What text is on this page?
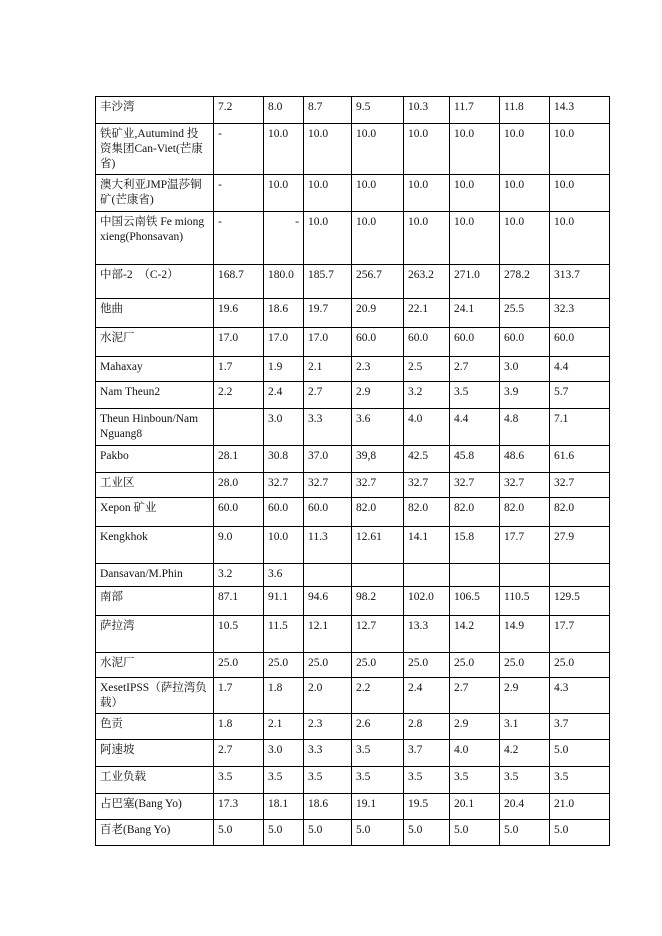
丰沙湾	7.2	8.0	8.7	9.5	10.3	11.7	11.8	14.3
铁矿业,Autumind 投资集团Can-Viet(芒康省)	-	10.0	10.0	10.0	10.0	10.0	10.0	10.0
澳大利亚JMP温莎铜矿(芒康省)	-	10.0	10.0	10.0	10.0	10.0	10.0	10.0
中国云南铁 Fe miongxieng(Phonsavan)	-	-	10.0	10.0	10.0	10.0	10.0	10.0
中部-2　（C-2）	168.7	180.0	185.7	256.7	263.2	271.0	278.2	313.7
他曲	19.6	18.6	19.7	20.9	22.1	24.1	25.5	32.3
水泥厂	17.0	17.0	17.0	60.0	60.0	60.0	60.0	60.0
Mahaxay	1.7	1.9	2.1	2.3	2.5	2.7	3.0	4.4
Nam Theun2	2.2	2.4	2.7	2.9	3.2	3.5	3.9	5.7
Theun Hinboun/Nam Nguang8		3.0	3.3	3.6	4.0	4.4	4.8	7.1
Pakbo	28.1	30.8	37.0	39,8	42.5	45.8	48.6	61.6
工业区	28.0	32.7	32.7	32.7	32.7	32.7	32.7	32.7
Xepon 矿业	60.0	60.0	60.0	82.0	82.0	82.0	82.0	82.0
Kengkhok	9.0	10.0	11.3	12.61	14.1	15.8	17.7	27.9
Dansavan/M.Phin	3.2	3.6						
南部	87.1	91.1	94.6	98.2	102.0	106.5	110.5	129.5
萨拉湾	10.5	11.5	12.1	12.7	13.3	14.2	14.9	17.7
水泥厂	25.0	25.0	25.0	25.0	25.0	25.0	25.0	25.0
XesetIPSS（萨拉湾负载）	1.7	1.8	2.0	2.2	2.4	2.7	2.9	4.3
色贡	1.8	2.1	2.3	2.6	2.8	2.9	3.1	3.7
阿速坡	2.7	3.0	3.3	3.5	3.7	4.0	4.2	5.0
工业负载	3.5	3.5	3.5	3.5	3.5	3.5	3.5	3.5
占巴塞(Bang Yo)	17.3	18.1	18.6	19.1	19.5	20.1	20.4	21.0
百老(Bang Yo)	5.0	5.0	5.0	5.0	5.0	5.0	5.0	5.0
